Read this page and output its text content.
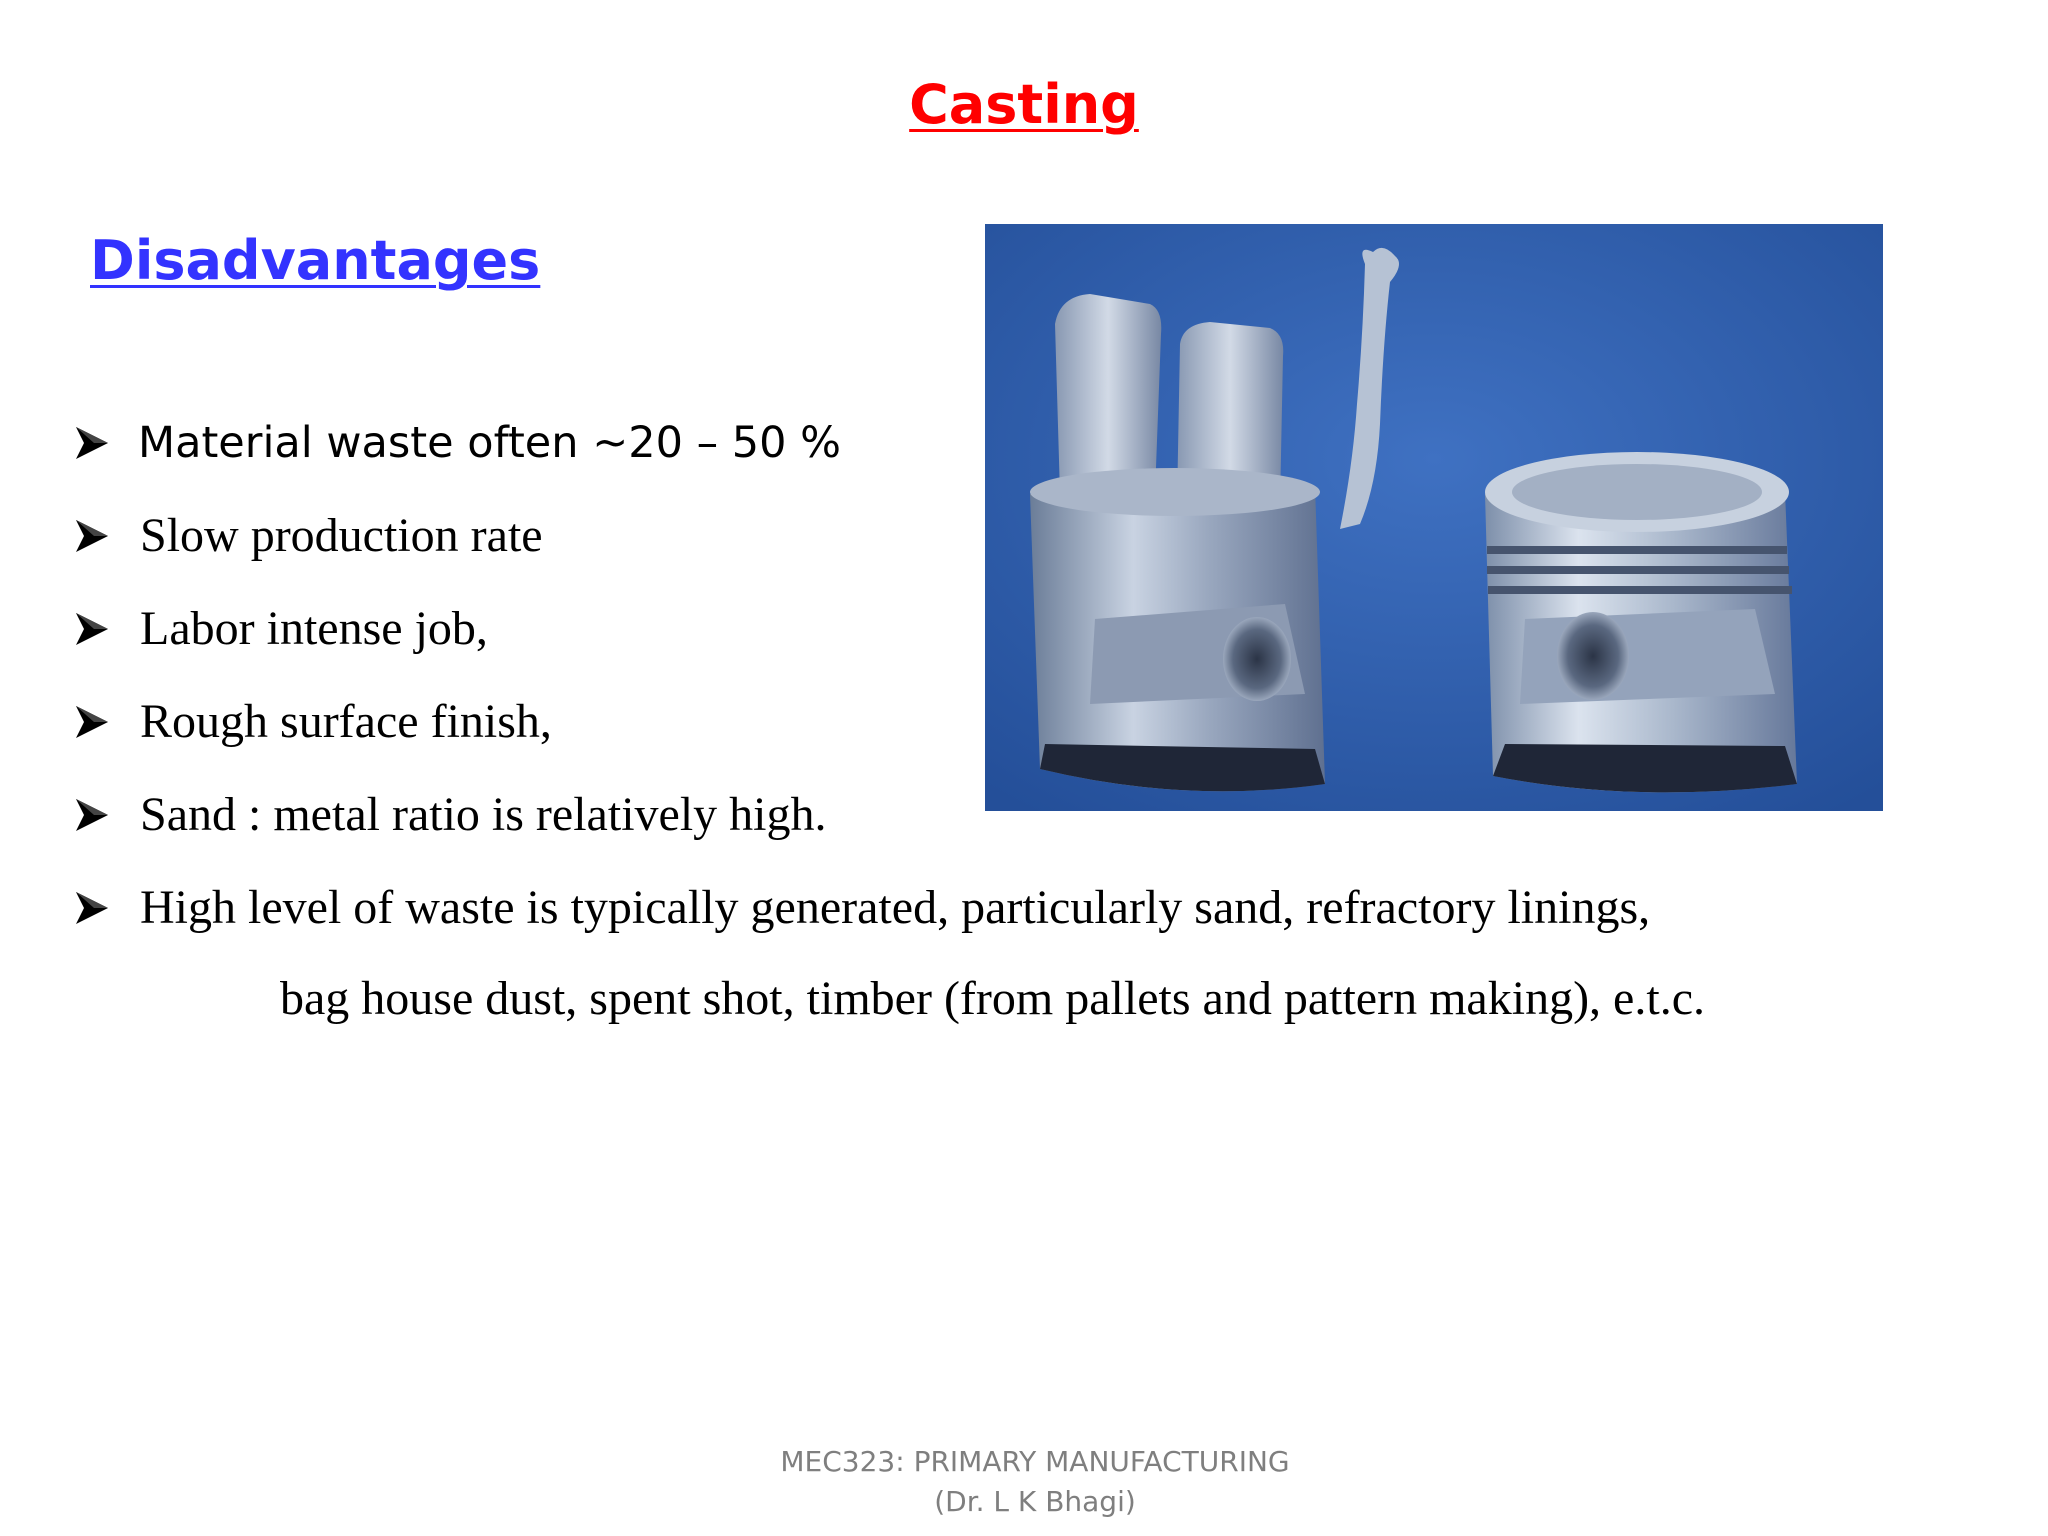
Casting
Disadvantages
Material waste often ~20 – 50 %
Slow production rate
Labor intense job,
Rough surface finish,
Sand : metal ratio is relatively high.
High level of waste is typically generated, particularly sand, refractory linings,
bag house dust, spent shot, timber (from pallets and pattern making), e.t.c.
MEC323: PRIMARY MANUFACTURING
(Dr. L K Bhagi)
